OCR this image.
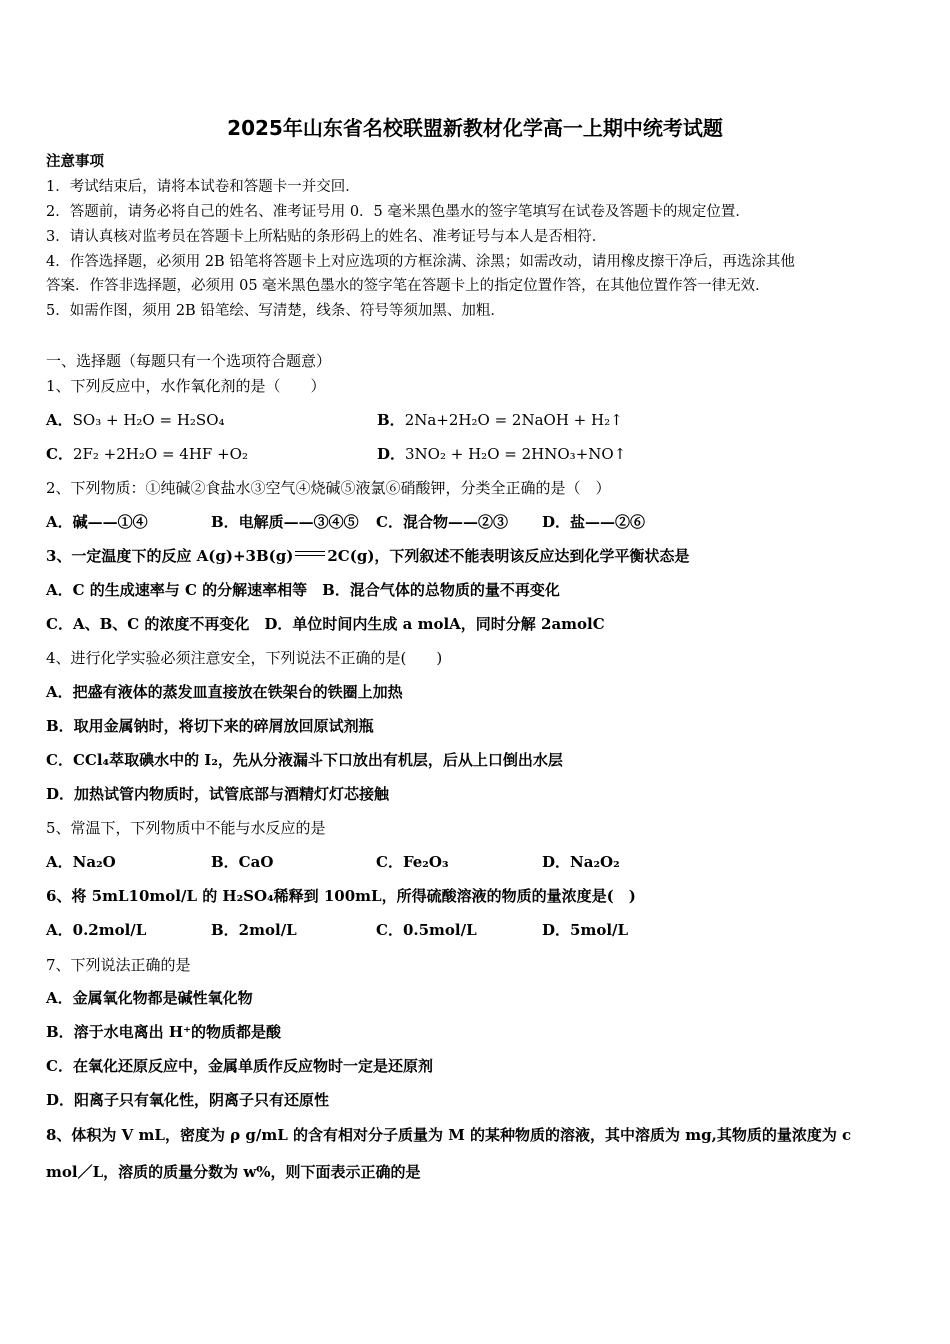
2025年山东省名校联盟新教材化学高一上期中统考试题
注意事项
1．考试结束后，请将本试卷和答题卡一并交回．
2．答题前，请务必将自己的姓名、准考证号用 0．5 毫米黑色墨水的签字笔填写在试卷及答题卡的规定位置．
3．请认真核对监考员在答题卡上所粘贴的条形码上的姓名、准考证号与本人是否相符．
4．作答选择题，必须用 2B 铅笔将答题卡上对应选项的方框涂满、涂黑；如需改动，请用橡皮擦干净后，再选涂其他
答案．作答非选择题，必须用 05 毫米黑色墨水的签字笔在答题卡上的指定位置作答，在其他位置作答一律无效．
5．如需作图，须用 2B 铅笔绘、写清楚，线条、符号等须加黑、加粗．
一、选择题（每题只有一个选项符合题意）
1、下列反应中，水作氧化剂的是（　　）
A．SO₃ + H₂O = H₂SO₄	B．2Na+2H₂O = 2NaOH + H₂↑
C．2F₂ +2H₂O = 4HF +O₂	D．3NO₂ + H₂O = 2HNO₃+NO↑
2、下列物质：①纯碱②食盐水③空气④烧碱⑤液氯⑥硝酸钾，分类全正确的是（　）
A．碱——①④	B．电解质——③④⑤ C．混合物——②③ D．盐——②⑥
3、一定温度下的反应 A(g)+3B(g) 2C(g)，下列叙述不能表明该反应达到化学平衡状态是
A．C 的生成速率与 C 的分解速率相等　B．混合气体的总物质的量不再变化
C．A、B、C 的浓度不再变化　D．单位时间内生成 a molA，同时分解 2amolC
4、进行化学实验必须注意安全，下列说法不正确的是(　　)
A．把盛有液体的蒸发皿直接放在铁架台的铁圈上加热
B．取用金属钠时，将切下来的碎屑放回原试剂瓶
C．CCl₄萃取碘水中的 I₂，先从分液漏斗下口放出有机层，后从上口倒出水层
D．加热试管内物质时，试管底部与酒精灯灯芯接触
5、常温下，下列物质中不能与水反应的是
A．Na₂O	B．CaO	C．Fe₂O₃	D．Na₂O₂
6、将 5mL10mol/L 的 H₂SO₄稀释到 100mL，所得硫酸溶液的物质的量浓度是(　)
A．0.2mol/L	B．2mol/L	C．0.5mol/L	D．5mol/L
7、下列说法正确的是
A．金属氧化物都是碱性氧化物
B．溶于水电离出 H⁺的物质都是酸
C．在氧化还原反应中，金属单质作反应物时一定是还原剂
D．阳离子只有氧化性，阴离子只有还原性
8、体积为 V mL，密度为 ρ g/mL 的含有相对分子质量为 M 的某种物质的溶液，其中溶质为 mg,其物质的量浓度为 c
mol／L，溶质的质量分数为 w%，则下面表示正确的是
